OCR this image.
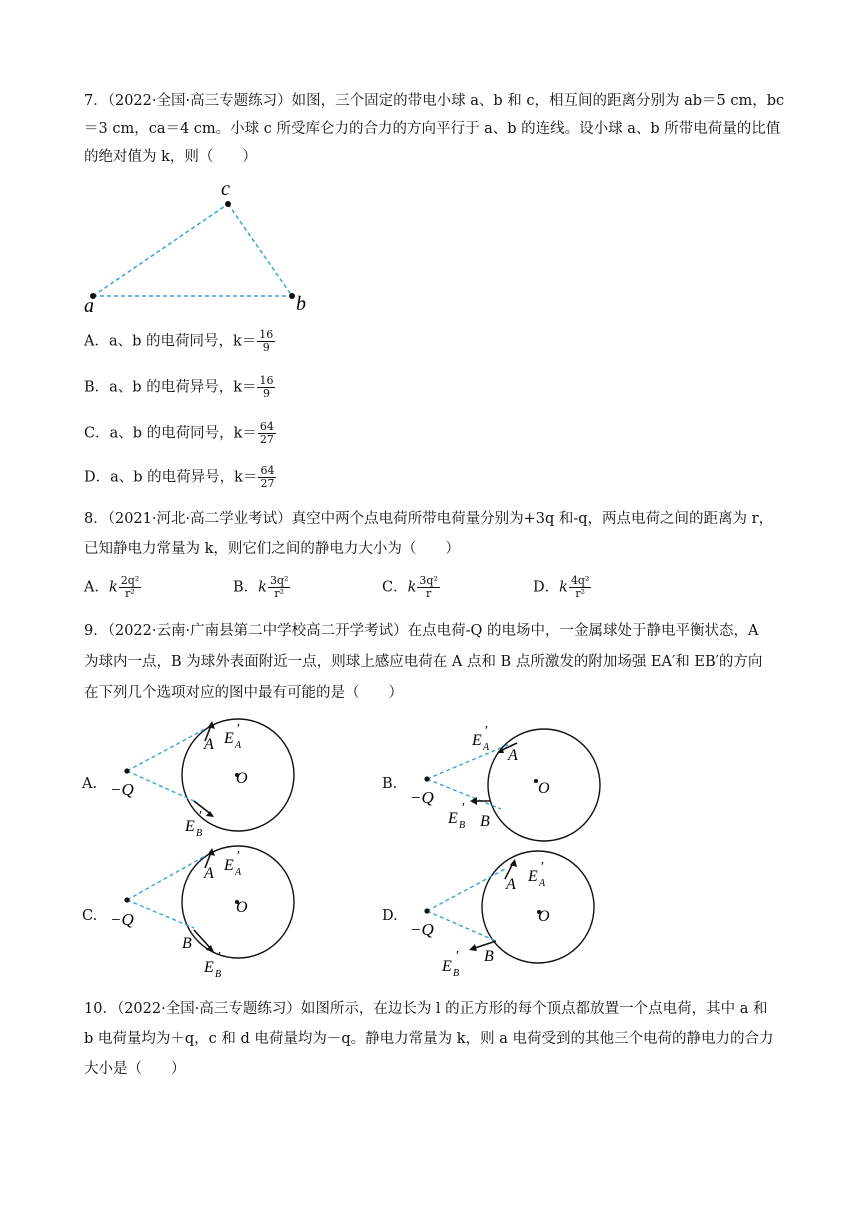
7．（2022·全国·高三专题练习）如图，三个固定的带电小球 a、b 和 c，相互间的距离分别为 ab＝5 cm，bc
＝3 cm，ca＝4 cm。小球 c 所受库仑力的合力的方向平行于 a、b 的连线。设小球 a、b 所带电荷量的比值
的绝对值为 k，则（　　）
a
c
b
A．a、b 的电荷同号，$k= \frac{16}{9}$
B．a、b 的电荷异号，$k= \frac{16}{9}$
C．a、b 的电荷同号，$k= \frac{64}{27}$
D．a、b 的电荷异号，$k= \frac{64}{27}$
8．（2021·河北·高二学业考试）真空中两个点电荷所带电荷量分别为+3q 和-q，两点电荷之间的距离为 r，
已知静电力常量为 k，则它们之间的静电力大小为（　　）
A．k $\frac{\text{2q²}}{\text{r²}}$	B．k $\frac{\text{3q²}}{\text{r²}}$	C．k $\frac{\text{3q²}}{r}$	D．k $\frac{\text{4q²}}{\text{r²}}$
9．（2022·云南·广南县第二中学校高二开学考试）在点电荷-Q 的电场中，一金属球处于静电平衡状态，A
为球内一点，B 为球外表面附近一点，则球上感应电荷在 A 点和 B 点所激发的附加场强 EA′和 EB′的方向
在下列几个选项对应的图中最有可能的是（　　）
A. −Q
O
A E A
′
E B
′
B.
−Q	O
A
E A
′
E B
′
B
C. −Q
O
A E A
′
B
E B
′
D.
−Q
O
A E A
′
B
E B
′
10．（2022·全国·高三专题练习）如图所示，在边长为 l 的正方形的每个顶点都放置一个点电荷，其中 a 和
b 电荷量均为＋q，c 和 d 电荷量均为－q。静电力常量为 k，则 a 电荷受到的其他三个电荷的静电力的合力
大小是（　　）
